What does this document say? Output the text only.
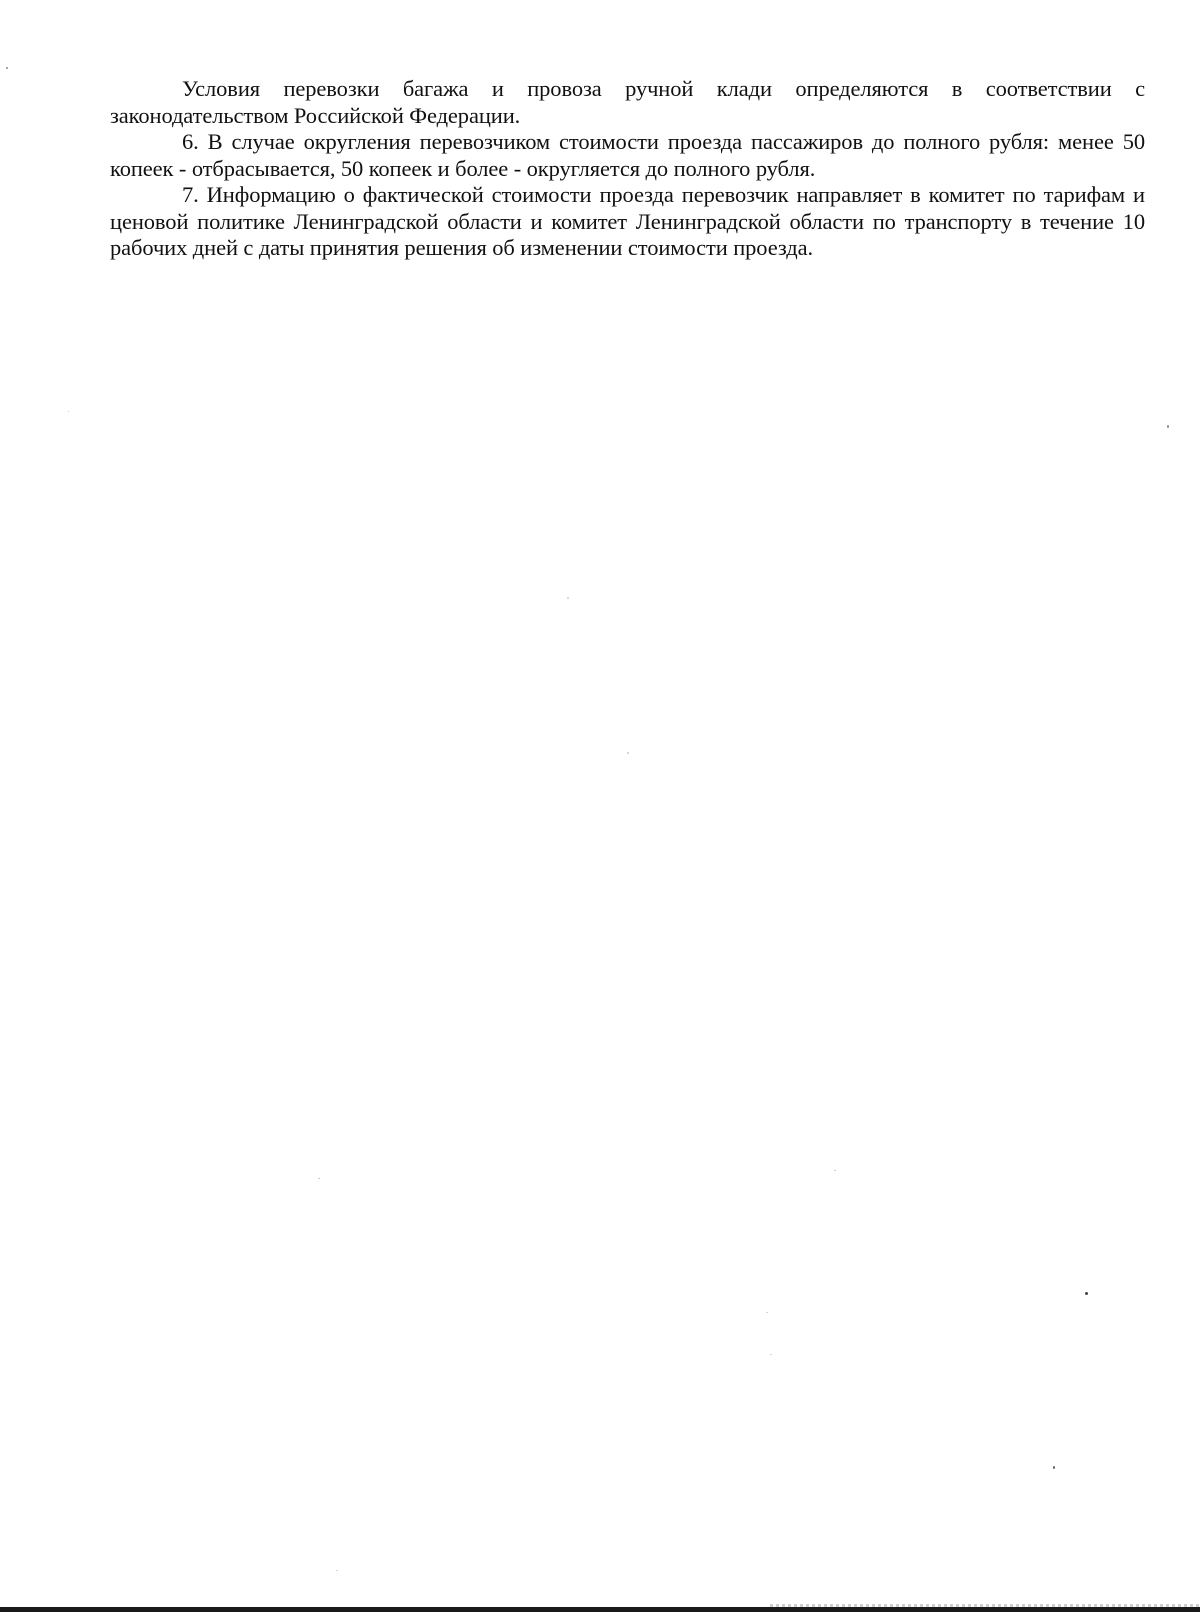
Условия перевозки багажа и провоза ручной клади определяются в соответствии с законодательством Российской Федерации.

6. В случае округления перевозчиком стоимости проезда пассажиров до полного рубля: менее 50 копеек - отбрасывается, 50 копеек и более - округляется до полного рубля.

7. Информацию о фактической стоимости проезда перевозчик направляет в комитет по тарифам и ценовой политике Ленинградской области и комитет Ленинградской области по транспорту в течение 10 рабочих дней с даты принятия решения об изменении стоимости проезда.
